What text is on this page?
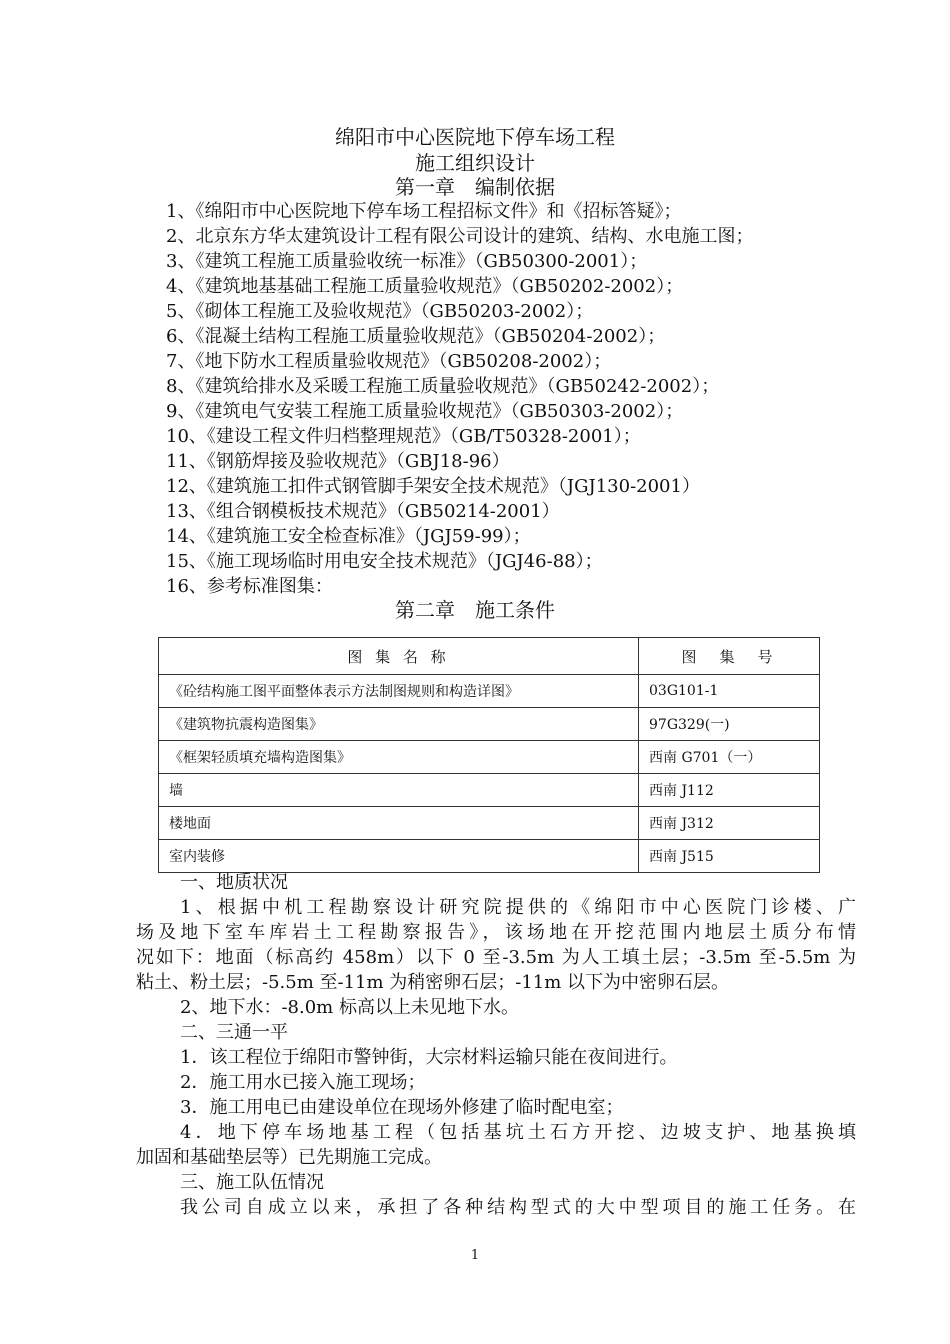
绵阳市中心医院地下停车场工程
施工组织设计
第一章　编制依据
1、《绵阳市中心医院地下停车场工程招标文件》和《招标答疑》；
2、北京东方华太建筑设计工程有限公司设计的建筑、结构、水电施工图；
3、《建筑工程施工质量验收统一标准》（GB50300-2001）；
4、《建筑地基基础工程施工质量验收规范》（GB50202-2002）；
5、《砌体工程施工及验收规范》（GB50203-2002）；
6、《混凝土结构工程施工质量验收规范》（GB50204-2002）；
7、《地下防水工程质量验收规范》（GB50208-2002）；
8、《建筑给排水及采暖工程施工质量验收规范》（GB50242-2002）；
9、《建筑电气安装工程施工质量验收规范》（GB50303-2002）；
10、《建设工程文件归档整理规范》（GB/T50328-2001）；
11、《钢筋焊接及验收规范》（GBJ18-96）
12、《建筑施工扣件式钢管脚手架安全技术规范》（JGJ130-2001）
13、《组合钢模板技术规范》（GB50214-2001）
14、《建筑施工安全检查标准》（JGJ59-99）；
15、《施工现场临时用电安全技术规范》（JGJ46-88）；
16、参考标准图集：
第二章　施工条件
图 集 名 称	图　集　号
《砼结构施工图平面整体表示方法制图规则和构造详图》	03G101-1
《建筑物抗震构造图集》	97G329(一)
《框架轻质填充墙构造图集》	西南 G701（一）
墙	西南 J112
楼地面	西南 J312
室内装修	西南 J515
一、地质状况
1、根据中机工程勘察设计研究院提供的《绵阳市中心医院门诊楼、广
场及地下室车库岩土工程勘察报告》，该场地在开挖范围内地层土质分布情
况如下：地面（标高约 458m）以下 0 至-3.5m 为人工填土层；-3.5m 至-5.5m 为
粘土、粉土层；-5.5m 至-11m 为稍密卵石层；-11m 以下为中密卵石层。
2、地下水：-8.0m 标高以上未见地下水。
二、三通一平
1．该工程位于绵阳市警钟街，大宗材料运输只能在夜间进行。
2．施工用水已接入施工现场；
3．施工用电已由建设单位在现场外修建了临时配电室；
4．地下停车场地基工程（包括基坑土石方开挖、边坡支护、地基换填
加固和基础垫层等）已先期施工完成。
三、施工队伍情况
我公司自成立以来，承担了各种结构型式的大中型项目的施工任务。在
1
